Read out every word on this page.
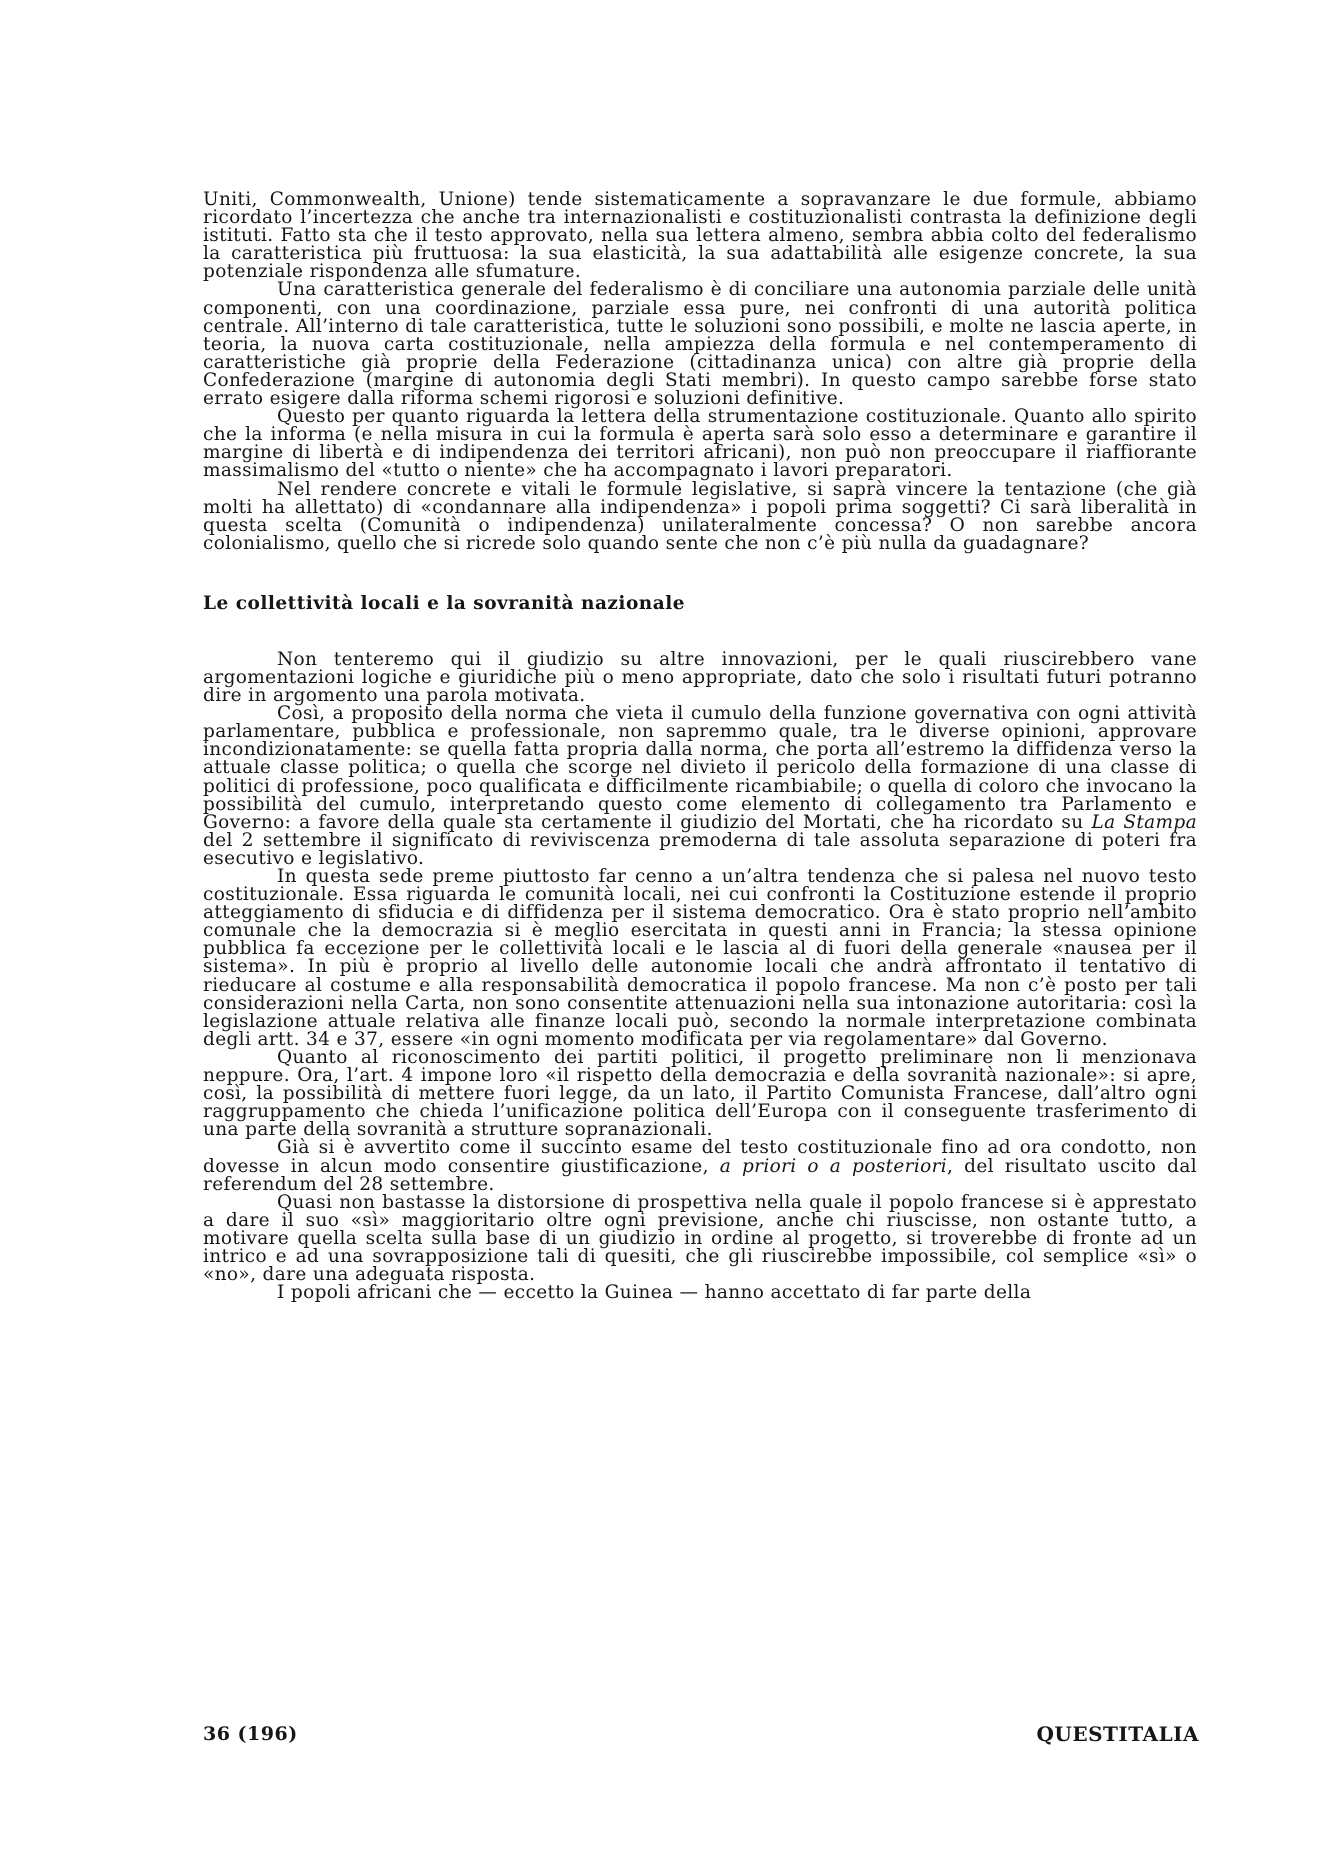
Uniti, Commonwealth, Unione) tende sistematicamente a sopravanzare le due formule, abbiamo ricordato l’incertezza che anche tra internazionalisti e costituzionalisti contrasta la definizione degli istituti. Fatto sta che il testo approvato, nella sua lettera almeno, sembra abbia colto del federalismo la caratteristica più fruttuosa: la sua elasticità, la sua adattabilità alle esigenze concrete, la sua potenziale rispondenza alle sfumature.

Una caratteristica generale del federalismo è di conciliare una autonomia parziale delle unità componenti, con una coordinazione, parziale essa pure, nei confronti di una autorità politica centrale. All’interno di tale caratteristica, tutte le soluzioni sono possibili, e molte ne lascia aperte, in teoria, la nuova carta costituzionale, nella ampiezza della formula e nel contemperamento di caratteristiche già proprie della Federazione (cittadinanza unica) con altre già proprie della Confederazione (margine di autonomia degli Stati membri). In questo campo sarebbe forse stato errato esigere dalla riforma schemi rigorosi e soluzioni definitive.

Questo per quanto riguarda la lettera della strumentazione costituzionale. Quanto allo spirito che la informa (e nella misura in cui la formula è aperta sarà solo esso a determinare e garantire il margine di libertà e di indipendenza dei territori africani), non può non preoccupare il riaffiorante massimalismo del «tutto o niente» che ha accompagnato i lavori preparatori.

Nel rendere concrete e vitali le formule legislative, si saprà vincere la tentazione (che già molti ha allettato) di «condannare alla indipendenza» i popoli prima soggetti? Ci sarà liberalità in questa scelta (Comunità o indipendenza) unilateralmente concessa? O non sarebbe ancora colonialismo, quello che si ricrede solo quando sente che non c’è più nulla da guadagnare?

Le collettività locali e la sovranità nazionale

Non tenteremo qui il giudizio su altre innovazioni, per le quali riuscirebbero vane argomentazioni logiche e giuridiche più o meno appropriate, dato che solo i risultati futuri potranno dire in argomento una parola motivata.

Così, a proposito della norma che vieta il cumulo della funzione governativa con ogni attività parlamentare, pubblica e professionale, non sapremmo quale, tra le diverse opinioni, approvare incondizionatamente: se quella fatta propria dalla norma, che porta all’estremo la diffidenza verso la attuale classe politica; o quella che scorge nel divieto il pericolo della formazione di una classe di politici di professione, poco qualificata e difficilmente ricambiabile; o quella di coloro che invocano la possibilità del cumulo, interpretando questo come elemento di collegamento tra Parlamento e Governo: a favore della quale sta certamente il giudizio del Mortati, che ha ricordato su La Stampa del 2 settembre il significato di reviviscenza premoderna di tale assoluta separazione di poteri fra esecutivo e legislativo.

In questa sede preme piuttosto far cenno a un’altra tendenza che si palesa nel nuovo testo costituzionale. Essa riguarda le comunità locali, nei cui confronti la Costituzione estende il proprio atteggiamento di sfiducia e di diffidenza per il sistema democratico. Ora è stato proprio nell’ambito comunale che la democrazia si è meglio esercitata in questi anni in Francia; la stessa opinione pubblica fa eccezione per le collettività locali e le lascia al di fuori della generale «nausea per il sistema». In più è proprio al livello delle autonomie locali che andrà affrontato il tentativo di rieducare al costume e alla responsabilità democratica il popolo francese. Ma non c’è posto per tali considerazioni nella Carta, non sono consentite attenuazioni nella sua intonazione autoritaria: così la legislazione attuale relativa alle finanze locali può, secondo la normale interpretazione combinata degli artt. 34 e 37, essere «in ogni momento modificata per via regolamentare» dal Governo.

Quanto al riconoscimento dei partiti politici, il progetto preliminare non li menzionava neppure. Ora, l’art. 4 impone loro «il rispetto della democrazia e della sovranità nazionale»: si apre, così, la possibilità di mettere fuori legge, da un lato, il Partito Comunista Francese, dall’altro ogni raggruppamento che chieda l’unificazione politica dell’Europa con il conseguente trasferimento di una parte della sovranità a strutture sopranazionali.

Già si è avvertito come il succinto esame del testo costituzionale fino ad ora condotto, non dovesse in alcun modo consentire giustificazione, a priori o a posteriori, del risultato uscito dal referendum del 28 settembre.

Quasi non bastasse la distorsione di prospettiva nella quale il popolo francese si è apprestato a dare il suo «sì» maggioritario oltre ogni previsione, anche chi riuscisse, non ostante tutto, a motivare quella scelta sulla base di un giudizio in ordine al progetto, si troverebbe di fronte ad un intrico e ad una sovrapposizione tali di quesiti, che gli riuscirebbe impossibile, col semplice «sì» o «no», dare una adeguata risposta.

I popoli africani che — eccetto la Guinea — hanno accettato di far parte della

36 (196)	QUESTITALIA
